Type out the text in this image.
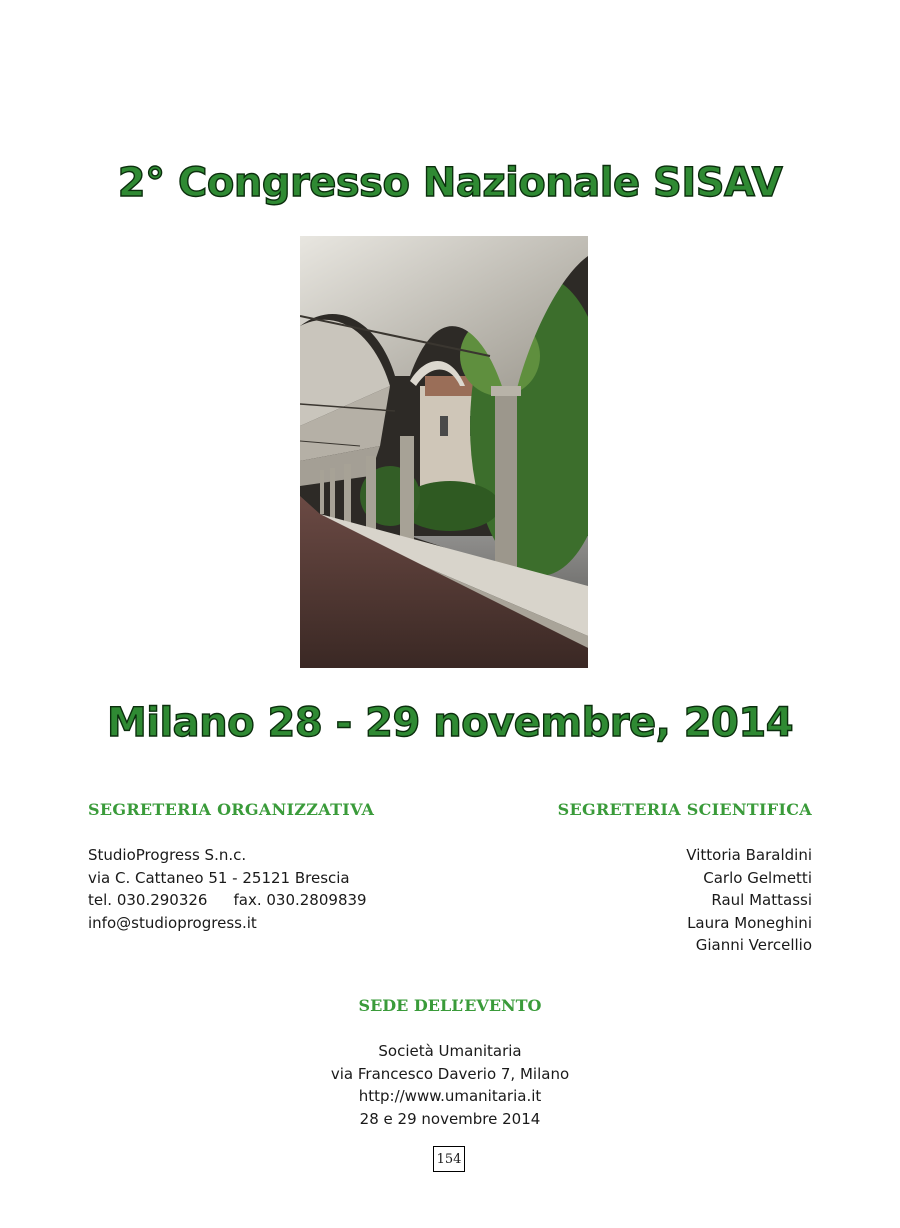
2° Congresso Nazionale SISAV
Milano 28 - 29 novembre, 2014
SEGRETERIA ORGANIZZATIVA	SEGRETERIA SCIENTIFICA
StudioProgress S.n.c.
via C. Cattaneo 51 - 25121 Brescia
tel. 030.290326 fax. 030.2809839
info@studioprogress.it
Vittoria Baraldini
Carlo Gelmetti
Raul Mattassi
Laura Moneghini
Gianni Vercellio
SEDE DELL’EVENTO
Società Umanitaria
via Francesco Daverio 7, Milano
http://www.umanitaria.it
28 e 29 novembre 2014
154
